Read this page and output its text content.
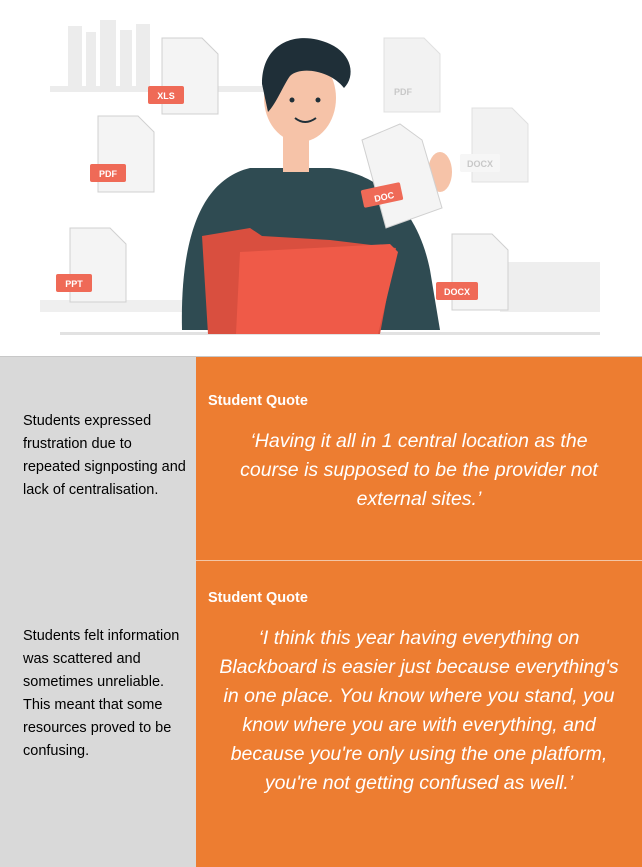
XLS
PDF
PPT
PDF
DOCX
DOCX
DOC
Students expressed frustration due to repeated signposting and lack of centralisation.
Student Quote
‘Having it all in 1 central location as the course is supposed to be the provider not external sites.’
Students felt information was scattered and sometimes unreliable. This meant that some resources proved to be confusing.
Student Quote
‘I think this year having everything on Blackboard is easier just because everything's in one place. You know where you stand, you know where you are with everything, and because you're only using the one platform, you're not getting confused as well.’
